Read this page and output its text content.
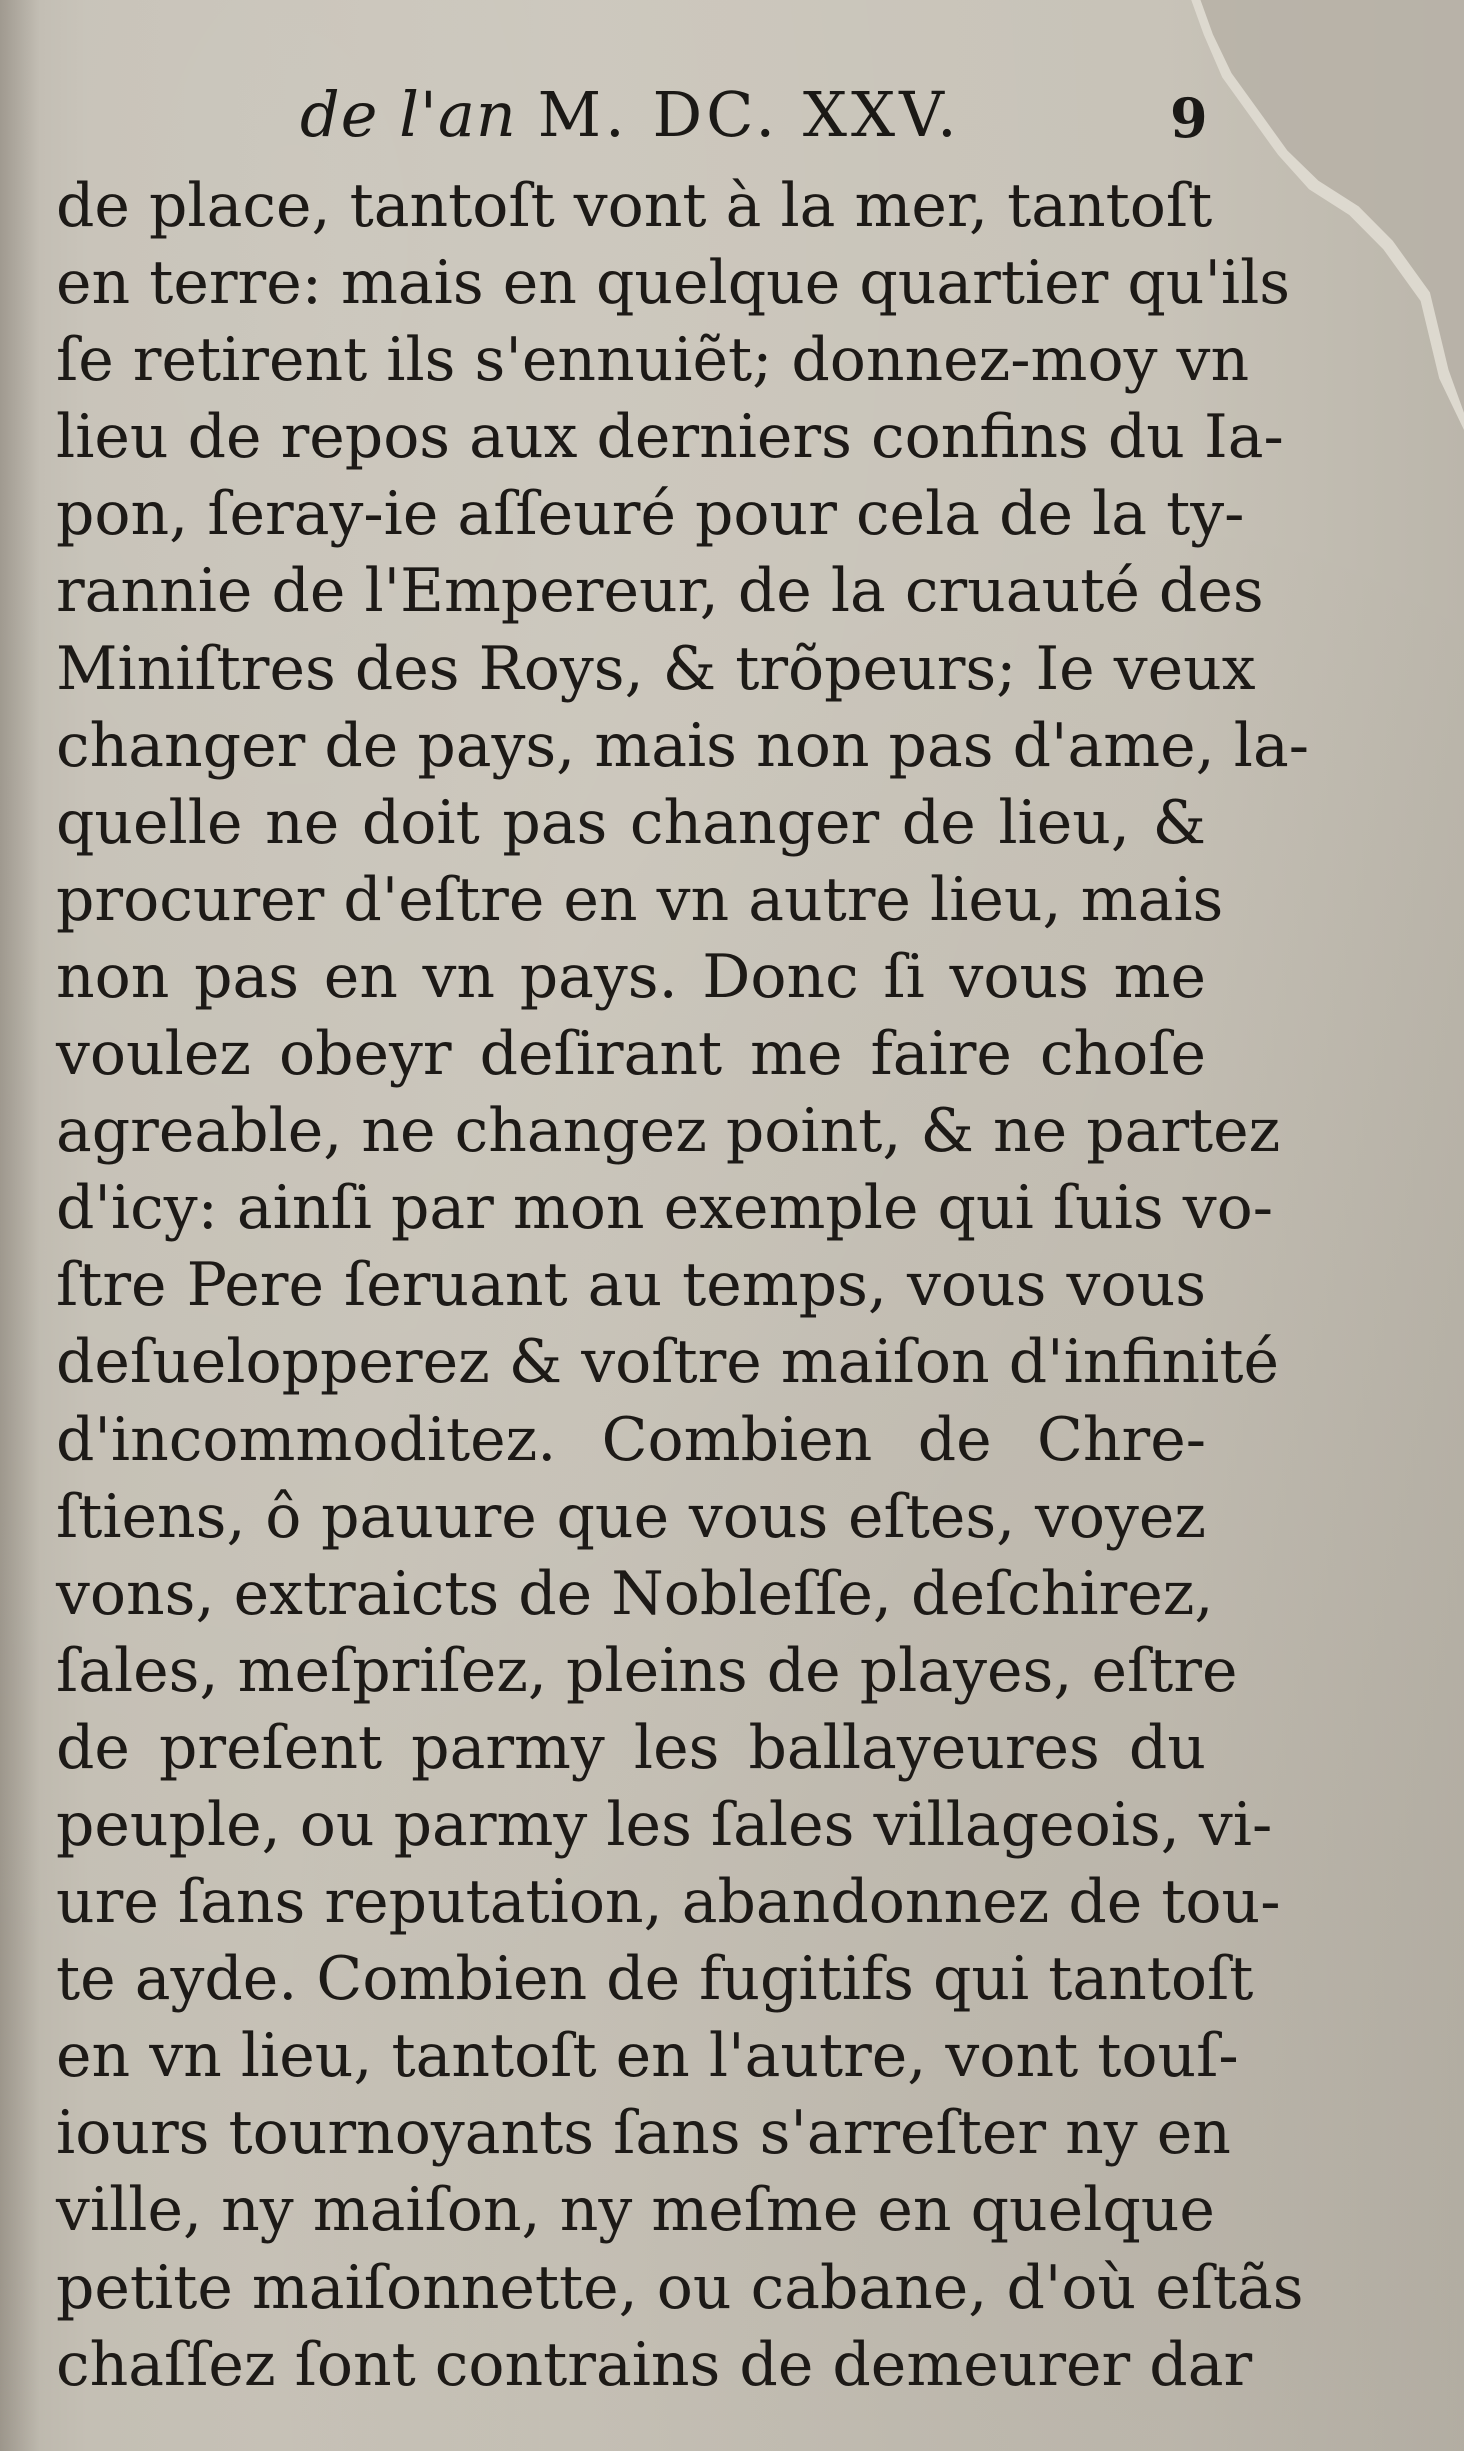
de l'an M. DC. XXV.	9
de place, tantoſt vont à la mer, tantoſt
en terre: mais en quelque quartier qu'ils
ſe retirent ils s'ennuiẽt; donnez-moy vn
lieu de repos aux derniers confins du Ia-
pon, ſeray-ie aſſeuré pour cela de la ty-
rannie de l'Empereur, de la cruauté des
Miniſtres des Roys, & trõpeurs; Ie veux
changer de pays, mais non pas d'ame, la-
quelle ne doit pas changer de lieu, &
procurer d'eſtre en vn autre lieu, mais
non pas en vn pays. Donc ſi vous me
voulez obeyr deſirant me faire choſe
agreable, ne changez point, & ne partez
d'icy: ainſi par mon exemple qui ſuis vo-
ſtre Pere ſeruant au temps, vous vous
deſuelopperez & voſtre maiſon d'infinité
d'incommoditez. Combien de Chre-
ſtiens, ô pauure que vous eſtes, voyez
vons, extraicts de Nobleſſe, deſchirez,
ſales, meſpriſez, pleins de playes, eſtre
de preſent parmy les ballayeures du
peuple, ou parmy les ſales villageois, vi-
ure ſans reputation, abandonnez de tou-
te ayde. Combien de fugitifs qui tantoſt
en vn lieu, tantoſt en l'autre, vont touſ-
iours tournoyants ſans s'arreſter ny en
ville, ny maiſon, ny meſme en quelque
petite maiſonnette, ou cabane, d'où eſtãs
chaſſez ſont contrains de demeurer dar
